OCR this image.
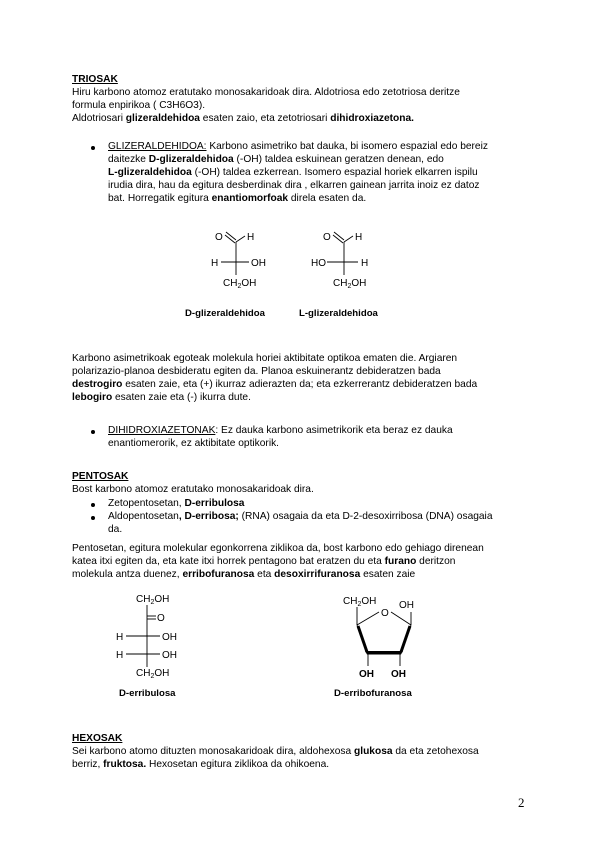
TRIOSAK
Hiru karbono atomoz eratutako monosakaridoak dira. Aldotriosa edo zetotriosa deritze
formula enpirikoa ( C3H6O3).
Aldotriosari glizeraldehidoa esaten zaio, eta zetotriosari dihidroxiazetona.
GLIZERALDEHIDOA: Karbono asimetriko bat dauka, bi isomero espazial edo bereiz
daitezke D-glizeraldehidoa (-OH) taldea eskuinean geratzen denean, edo
L-glizeraldehidoa (-OH) taldea ezkerrean. Isomero espazial horiek elkarren ispilu
irudia dira, hau da egitura desberdinak dira , elkarren gainean jarrita inoiz ez datoz
bat. Horregatik egitura enantiomorfoak direla esaten da.
O H
H	OH
$CH_2OH$
O H
HO	H
$CH_2OH$
D-glizeraldehidoa	L-glizeraldehidoa
Karbono asimetrikoak egoteak molekula horiei aktibitate optikoa ematen die. Argiaren
polarizazio-planoa desbideratu egiten da. Planoa eskuinerantz debideratzen bada
destrogiro esaten zaie, eta (+) ikurraz adierazten da; eta ezkerrerantz debideratzen bada
lebogiro esaten zaie eta (-) ikurra dute.
DIHIDROXIAZETONAK: Ez dauka karbono asimetrikorik eta beraz ez dauka
enantiomerorik, ez aktibitate optikorik.
PENTOSAK
Bost karbono atomoz eratutako monosakaridoak dira.
Zetopentosetan, D-erribulosa
Aldopentosetan, D-erribosa; (RNA) osagaia da eta D-2-desoxirribosa (DNA) osagaia
da.
Pentosetan, egitura molekular egonkorrena ziklikoa da, bost karbono edo gehiago direnean
katea itxi egiten da, eta kate itxi horrek pentagono bat eratzen du eta furano deritzon
molekula antza duenez, erribofuranosa eta desoxirrifuranosa esaten zaie
$CH_2OH$
O
H	OH
H	OH
$CH_2OH$
D-erribulosa
$CH_2OH$
O
OH
OH OH
D-erribofuranosa
HEXOSAK
Sei karbono atomo dituzten monosakaridoak dira, aldohexosa glukosa da eta zetohexosa
berriz, fruktosa. Hexosetan egitura ziklikoa da ohikoena.
2
